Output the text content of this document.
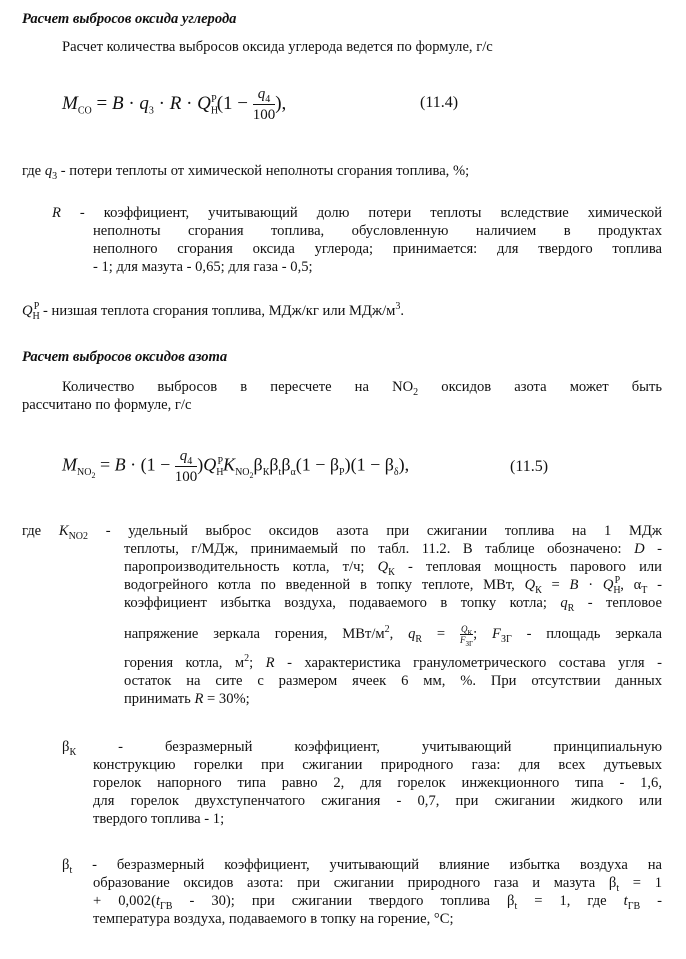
Расчет выбросов оксида углерода
Расчет количества выбросов оксида углерода ведется по формуле, г/с
$M_{CO} = B \cdot q_3 \cdot R \cdot Q_Н^Р(1 - \frac{q_4}{100}$ ),	(11.4)
где $q_3$ - потери теплоты от химической неполноты сгорания топлива, %;
R - коэффициент, учитывающий долю потери теплоты вследствие химической
неполноты сгорания топлива, обусловленную наличием в продуктах
неполного сгорания оксида углерода; принимается: для твердого топлива
- 1; для мазута - 0,65; для газа - 0,5;
$Q_Н^Р$ - низшая теплота сгорания топлива, МДж/кг или МДж/$м^3$.
Расчет выбросов оксидов азота
Количество выбросов в пересчете на $NO_2$ оксидов азота может быть
рассчитано по формуле, г/с
$M_{NO_2} = B \cdot (1 - \frac{q_4}{100} )Q_Н^РK_{NO_2}\beta_К\beta_t\beta_\alpha(1 - \beta_Р)(1 - \beta_\delta)$,	(11.5)
где $K_{NO2}$ - удельный выброс оксидов азота при сжигании топлива на 1 МДж
теплоты, г/МДж, принимаемый по табл. 11.2. В таблице обозначено: D -
паропроизводительность котла, т/ч; $Q_К$ - тепловая мощность парового или
водогрейного котла по введенной в топку теплоте, МВт, $Q_К = B \cdot Q_Н^Р$, $\alpha_Т$ -
коэффициент избытка воздуха, подаваемого в топку котла; $q_R$ - тепловое
напряжение зеркала горения, МВт/$м^2$, $q_R = \frac{Q_К}{F_{ЗГ}}$; $F_{ЗГ}$ - площадь зеркала
горения котла, $м^2$; R - характеристика гранулометрического состава угля -
остаток на сите с размером ячеек 6 мм, %. При отсутствии данных
принимать R = 30%;
$\beta_К$	- безразмерный коэффициент, учитывающий принципиальную
конструкцию горелки при сжигании природного газа: для всех дутьевых
горелок напорного типа равно 2, для горелок инжекционного типа - 1,6,
для горелок двухступенчатого сжигания - 0,7, при сжигании жидкого или
твердого топлива - 1;
$\beta_t$ - безразмерный коэффициент, учитывающий влияние избытка воздуха на
образование оксидов азота: при сжигании природного газа и мазута $\beta_t = 1$
+ $0,002(t_{ГВ} - 30)$; при сжигании твердого топлива $\beta_t = 1$, где $t_{ГВ}$ -
температура воздуха, подаваемого в топку на горение, °С;
